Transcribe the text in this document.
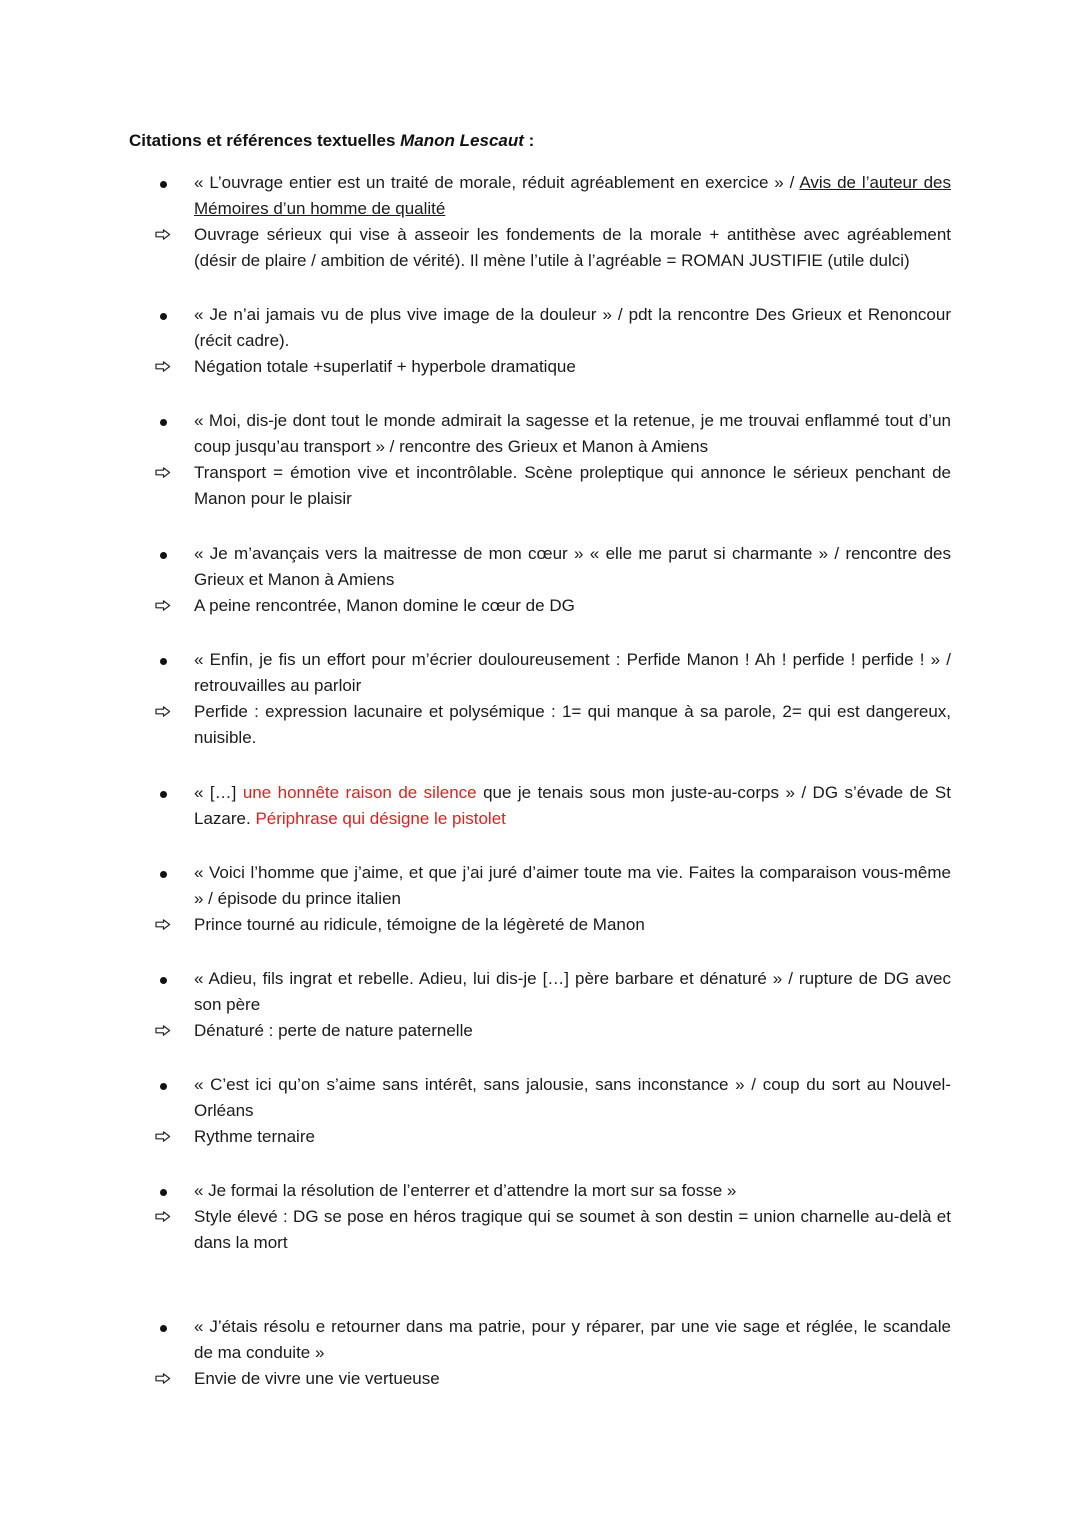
Citations et références textuelles Manon Lescaut :

« L’ouvrage entier est un traité de morale, réduit agréablement en exercice » / Avis de l’auteur des Mémoires d’un homme de qualité

Ouvrage sérieux qui vise à asseoir les fondements de la morale + antithèse avec agréablement (désir de plaire / ambition de vérité). Il mène l’utile à l’agréable = ROMAN JUSTIFIE (utile dulci)

« Je n’ai jamais vu de plus vive image de la douleur » / pdt la rencontre Des Grieux et Renoncour (récit cadre).

Négation totale +superlatif + hyperbole dramatique

« Moi, dis-je dont tout le monde admirait la sagesse et la retenue, je me trouvai enflammé tout d’un coup jusqu’au transport » / rencontre des Grieux et Manon à Amiens

Transport = émotion vive et incontrôlable. Scène proleptique qui annonce le sérieux penchant de Manon pour le plaisir

« Je m’avançais vers la maitresse de mon cœur » « elle me parut si charmante » / rencontre des Grieux et Manon à Amiens

A peine rencontrée, Manon domine le cœur de DG

« Enfin, je fis un effort pour m’écrier douloureusement : Perfide Manon ! Ah ! perfide ! perfide ! » / retrouvailles au parloir

Perfide : expression lacunaire et polysémique : 1= qui manque à sa parole, 2= qui est dangereux, nuisible.

« […] une honnête raison de silence que je tenais sous mon juste-au-corps » / DG s’évade de St Lazare. Périphrase qui désigne le pistolet

« Voici l’homme que j’aime, et que j’ai juré d’aimer toute ma vie. Faites la comparaison vous-même » / épisode du prince italien

Prince tourné au ridicule, témoigne de la légèreté de Manon

« Adieu, fils ingrat et rebelle. Adieu, lui dis-je […] père barbare et dénaturé » / rupture de DG avec son père

Dénaturé : perte de nature paternelle

« C’est ici qu’on s’aime sans intérêt, sans jalousie, sans inconstance » / coup du sort au Nouvel-Orléans

Rythme ternaire

« Je formai la résolution de l’enterrer et d’attendre la mort sur sa fosse »

Style élevé : DG se pose en héros tragique qui se soumet à son destin = union charnelle au-delà et dans la mort

« J’étais résolu e retourner dans ma patrie, pour y réparer, par une vie sage et réglée, le scandale de ma conduite »

Envie de vivre une vie vertueuse
